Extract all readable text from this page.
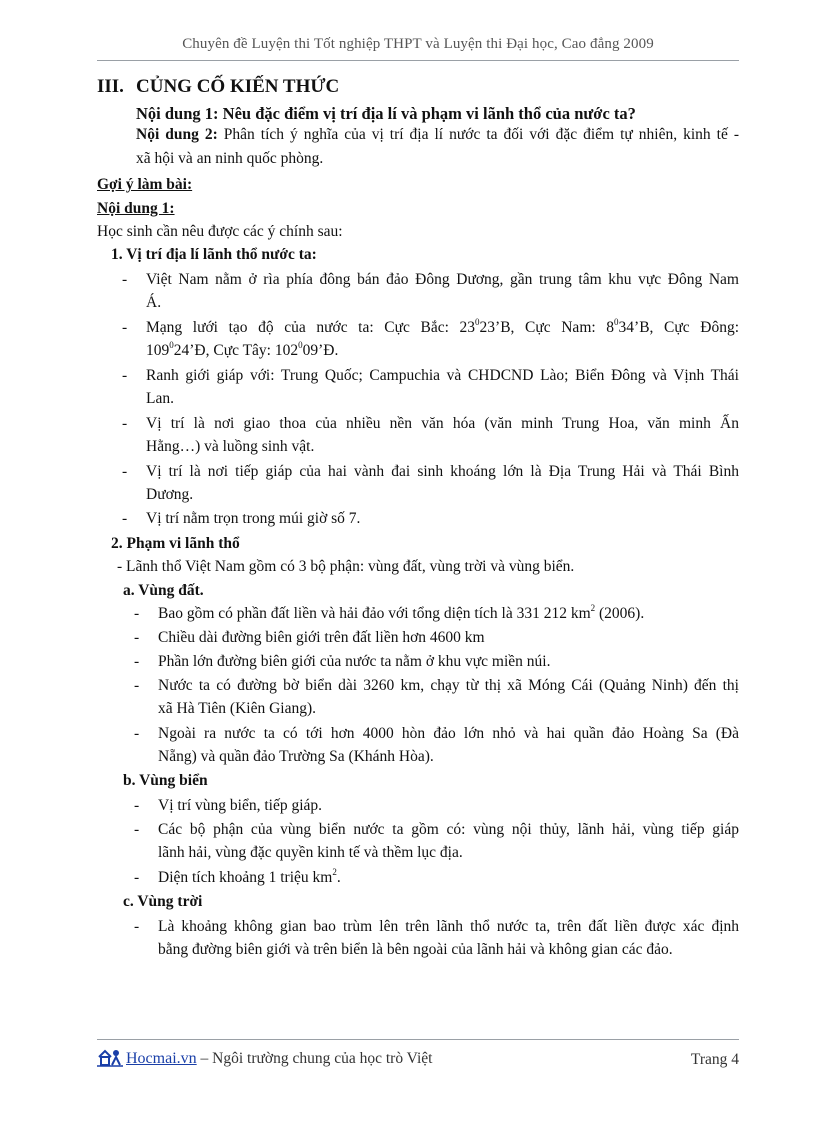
Chuyên đề Luyện thi Tốt nghiệp THPT và Luyện thi Đại học, Cao đẳng 2009
III. CỦNG CỐ KIẾN THỨC
Nội dung 1: Nêu đặc điểm vị trí địa lí và phạm vi lãnh thổ của nước ta?
Nội dung 2: Phân tích ý nghĩa của vị trí địa lí nước ta đối với đặc điểm tự nhiên, kinh tế -
xã hội và an ninh quốc phòng.
Gợi ý làm bài:
Nội dung 1:
Học sinh cần nêu được các ý chính sau:
1. Vị trí địa lí lãnh thổ nước ta:
- Việt Nam nằm ở rìa phía đông bán đảo Đông Dương, gần trung tâm khu vực Đông Nam
Á.
- Mạng lưới tạo độ của nước ta: Cực Bắc: $23^023’B$, Cực Nam: $8^034’B$, Cực Đông:
$109^024’Đ$, Cực Tây: $102^009’Đ$.
- Ranh giới giáp với: Trung Quốc; Campuchia và CHDCND Lào; Biển Đông và Vịnh Thái
Lan.
- Vị trí là nơi giao thoa của nhiều nền văn hóa (văn minh Trung Hoa, văn minh Ấn
Hằng…) và luồng sinh vật.
- Vị trí là nơi tiếp giáp của hai vành đai sinh khoáng lớn là Địa Trung Hải và Thái Bình
Dương.
- Vị trí nằm trọn trong múi giờ số 7.
2. Phạm vi lãnh thổ
- Lãnh thổ Việt Nam gồm có 3 bộ phận: vùng đất, vùng trời và vùng biển.
a. Vùng đất.
- Bao gồm có phần đất liền và hải đảo với tổng diện tích là 331 212 $km^2$ (2006).
- Chiều dài đường biên giới trên đất liền hơn 4600 km
- Phần lớn đường biên giới của nước ta nằm ở khu vực miền núi.
- Nước ta có đường bờ biển dài 3260 km, chạy từ thị xã Móng Cái (Quảng Ninh) đến thị
xã Hà Tiên (Kiên Giang).
- Ngoài ra nước ta có tới hơn 4000 hòn đảo lớn nhỏ và hai quần đảo Hoàng Sa (Đà
Nẵng) và quần đảo Trường Sa (Khánh Hòa).
b. Vùng biển
- Vị trí vùng biển, tiếp giáp.
- Các bộ phận của vùng biển nước ta gồm có: vùng nội thủy, lãnh hải, vùng tiếp giáp
lãnh hải, vùng đặc quyền kinh tế và thềm lục địa.
- Diện tích khoảng 1 triệu $km^2$.
c. Vùng trời
- Là khoảng không gian bao trùm lên trên lãnh thổ nước ta, trên đất liền được xác định
bằng đường biên giới và trên biển là bên ngoài của lãnh hải và không gian các đảo.
Hocmai.vn – Ngôi trường chung của học trò Việt	Trang 4
